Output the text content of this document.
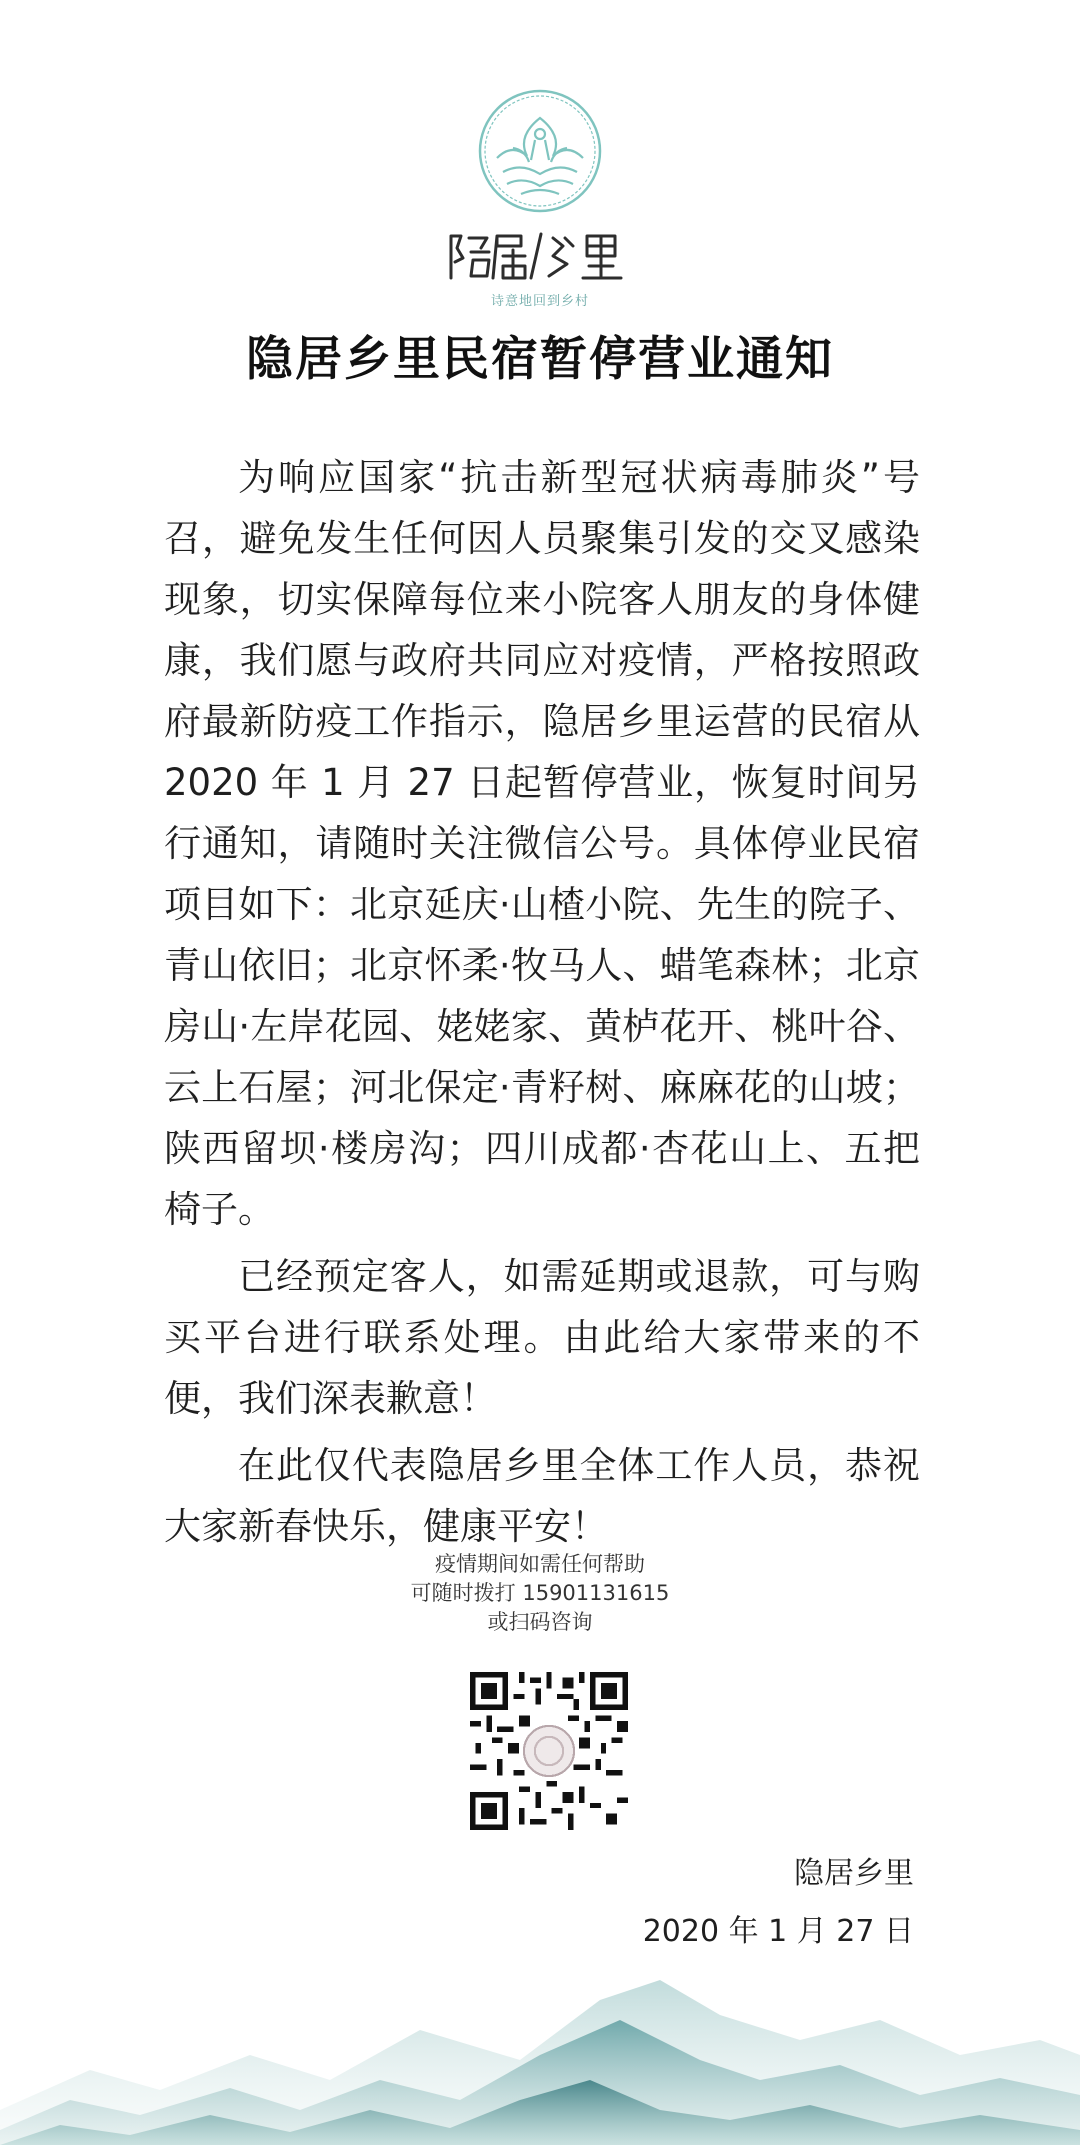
诗意地回到乡村
隐居乡里民宿暂停营业通知

为响应国家“抗击新型冠状病毒肺炎”号召，避免发生任何因人员聚集引发的交叉感染现象，切实保障每位来小院客人朋友的身体健康，我们愿与政府共同应对疫情，严格按照政府最新防疫工作指示，隐居乡里运营的民宿从 2020 年 1 月 27 日起暂停营业，恢复时间另行通知，请随时关注微信公号。具体停业民宿项目如下：北京延庆·山楂小院、先生的院子、青山依旧；北京怀柔·牧马人、蜡笔森林；北京房山·左岸花园、姥姥家、黄栌花开、桃叶谷、云上石屋；河北保定·青籽树、麻麻花的山坡；陕西留坝·楼房沟；四川成都·杏花山上、五把椅子。

已经预定客人，如需延期或退款，可与购买平台进行联系处理。由此给大家带来的不便，我们深表歉意！

在此仅代表隐居乡里全体工作人员，恭祝大家新春快乐，健康平安！

疫情期间如需任何帮助
可随时拨打 15901131615
或扫码咨询
隐居乡里
2020 年 1 月 27 日
